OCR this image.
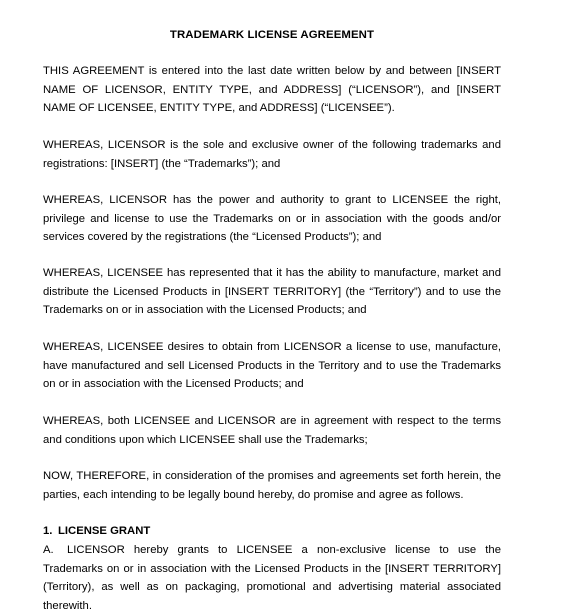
TRADEMARK LICENSE AGREEMENT
THIS AGREEMENT is entered into the last date written below by and between [INSERT NAME OF LICENSOR, ENTITY TYPE, and ADDRESS] (“LICENSOR”), and [INSERT NAME OF LICENSEE, ENTITY TYPE, and ADDRESS] (“LICENSEE”).
WHEREAS, LICENSOR is the sole and exclusive owner of the following trademarks and registrations: [INSERT] (the “Trademarks”); and
WHEREAS, LICENSOR has the power and authority to grant to LICENSEE the right, privilege and license to use the Trademarks on or in association with the goods and/or services covered by the registrations (the “Licensed Products”); and
WHEREAS, LICENSEE has represented that it has the ability to manufacture, market and distribute the Licensed Products in [INSERT TERRITORY] (the “Territory”) and to use the Trademarks on or in association with the Licensed Products; and
WHEREAS, LICENSEE desires to obtain from LICENSOR a license to use, manufacture, have manufactured and sell Licensed Products in the Territory and to use the Trademarks on or in association with the Licensed Products; and
WHEREAS, both LICENSEE and LICENSOR are in agreement with respect to the terms and conditions upon which LICENSEE shall use the Trademarks;
NOW, THEREFORE, in consideration of the promises and agreements set forth herein, the parties, each intending to be legally bound hereby, do promise and agree as follows.
1. LICENSE GRANT
A. LICENSOR hereby grants to LICENSEE a non-exclusive license to use the Trademarks on or in association with the Licensed Products in the [INSERT TERRITORY] (Territory), as well as on packaging, promotional and advertising material associated therewith.
